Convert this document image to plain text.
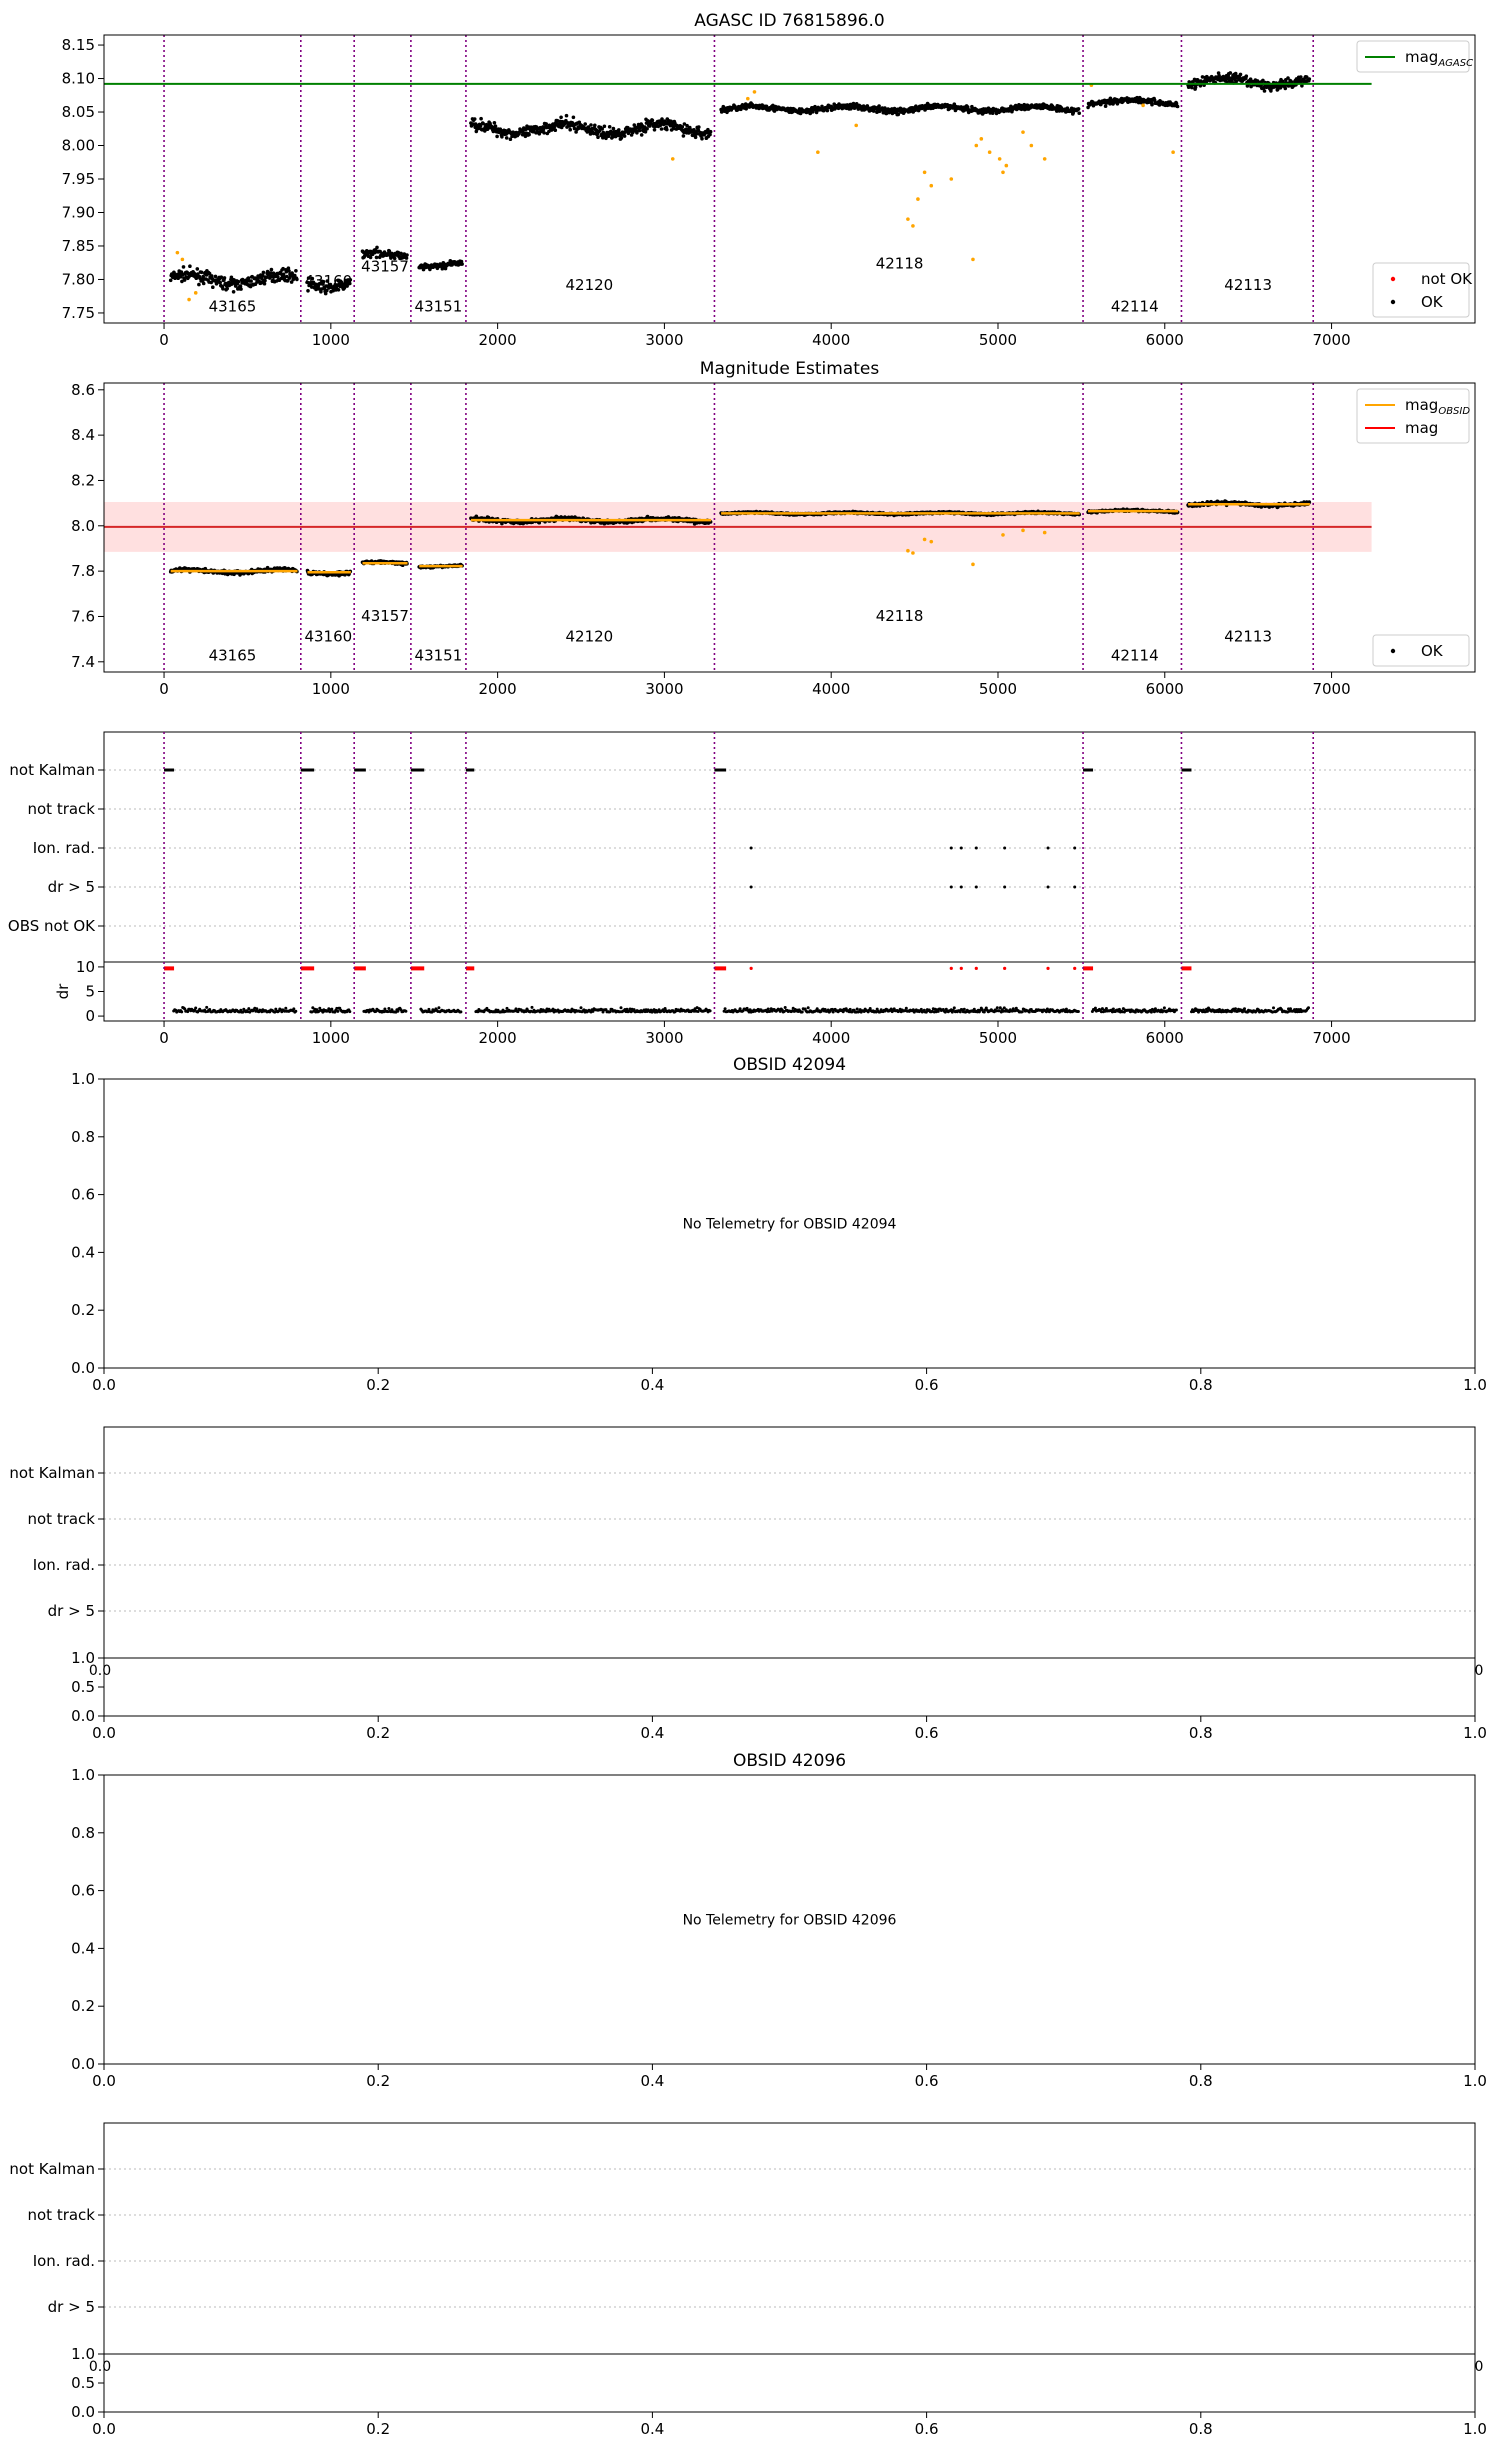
AGASC ID 76815896.0
43165
43160
43157
43151
42120
42118
42114
42113
0	1000	2000	3000	4000	5000	6000	7000
7.75
7.80
7.85
7.90
7.95
8.00
8.05
8.10
8.15
mag$_{AGASC}$
not OK
OK
Magnitude Estimates
43165
43160
43157
43151
42120
42118
42114
42113
0	1000	2000	3000	4000	5000	6000	7000
7.4
7.6
7.8
8.0
8.2
8.4
8.6
mag$_{OBSID}$
mag
OK
not Kalman
not track
Ion. rad.
dr > 5
OBS not OK
0
5
10
dr
0	1000	2000	3000	4000	5000	6000	7000
OBSID 42094
No Telemetry for OBSID 42094
0.0	0.2	0.4	0.6	0.8	1.0
0.0
0.2
0.4
0.6
0.8
1.0
not Kalman
not track
Ion. rad.
dr > 5
0.0
0.5
1.0
0.0	0
0.0	0.2	0.4	0.6	0.8	1.0
OBSID 42096
No Telemetry for OBSID 42096
0.0	0.2	0.4	0.6	0.8	1.0
0.0
0.2
0.4
0.6
0.8
1.0
not Kalman
not track
Ion. rad.
dr > 5
0.0
0.5
1.0
0.0	0
0.0	0.2	0.4	0.6	0.8	1.0
